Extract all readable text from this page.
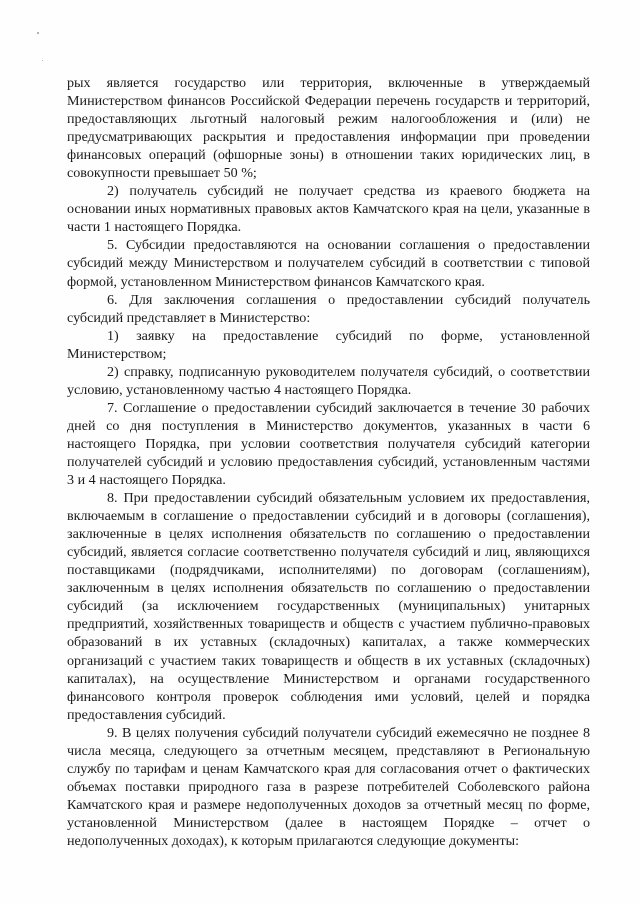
рых является государство или территория, включенные в утверждаемый Министерством финансов Российской Федерации перечень государств и территорий, предоставляющих льготный налоговый режим налогообложения и (или) не предусматривающих раскрытия и предоставления информации при проведении финансовых операций (офшорные зоны) в отношении таких юридических лиц, в совокупности превышает 50 %;

2) получатель субсидий не получает средства из краевого бюджета на основании иных нормативных правовых актов Камчатского края на цели, указанные в части 1 настоящего Порядка.

5. Субсидии предоставляются на основании соглашения о предоставлении субсидий между Министерством и получателем субсидий в соответствии с типовой формой, установленном Министерством финансов Камчатского края.

6. Для заключения соглашения о предоставлении субсидий получатель субсидий представляет в Министерство:

1) заявку на предоставление субсидий по форме, установленной Министерством;

2) справку, подписанную руководителем получателя субсидий, о соответствии условию, установленному частью 4 настоящего Порядка.

7. Соглашение о предоставлении субсидий заключается в течение 30 рабочих дней со дня поступления в Министерство документов, указанных в части 6 настоящего Порядка, при условии соответствия получателя субсидий категории получателей субсидий и условию предоставления субсидий, установленным частями 3 и 4 настоящего Порядка.

8. При предоставлении субсидий обязательным условием их предоставления, включаемым в соглашение о предоставлении субсидий и в договоры (соглашения), заключенные в целях исполнения обязательств по соглашению о предоставлении субсидий, является согласие соответственно получателя субсидий и лиц, являющихся поставщиками (подрядчиками, исполнителями) по договорам (соглашениям), заключенным в целях исполнения обязательств по соглашению о предоставлении субсидий (за исключением государственных (муниципальных) унитарных предприятий, хозяйственных товариществ и обществ с участием публично-правовых образований в их уставных (складочных) капиталах, а также коммерческих организаций с участием таких товариществ и обществ в их уставных (складочных) капиталах), на осуществление Министерством и органами государственного финансового контроля проверок соблюдения ими условий, целей и порядка предоставления субсидий.

9. В целях получения субсидий получатели субсидий ежемесячно не позднее 8 числа месяца, следующего за отчетным месяцем, представляют в Региональную службу по тарифам и ценам Камчатского края для согласования отчет о фактических объемах поставки природного газа в разрезе потребителей Соболевского района Камчатского края и размере недополученных доходов за отчетный месяц по форме, установленной Министерством (далее в настоящем Порядке – отчет о недополученных доходах), к которым прилагаются следующие документы:
